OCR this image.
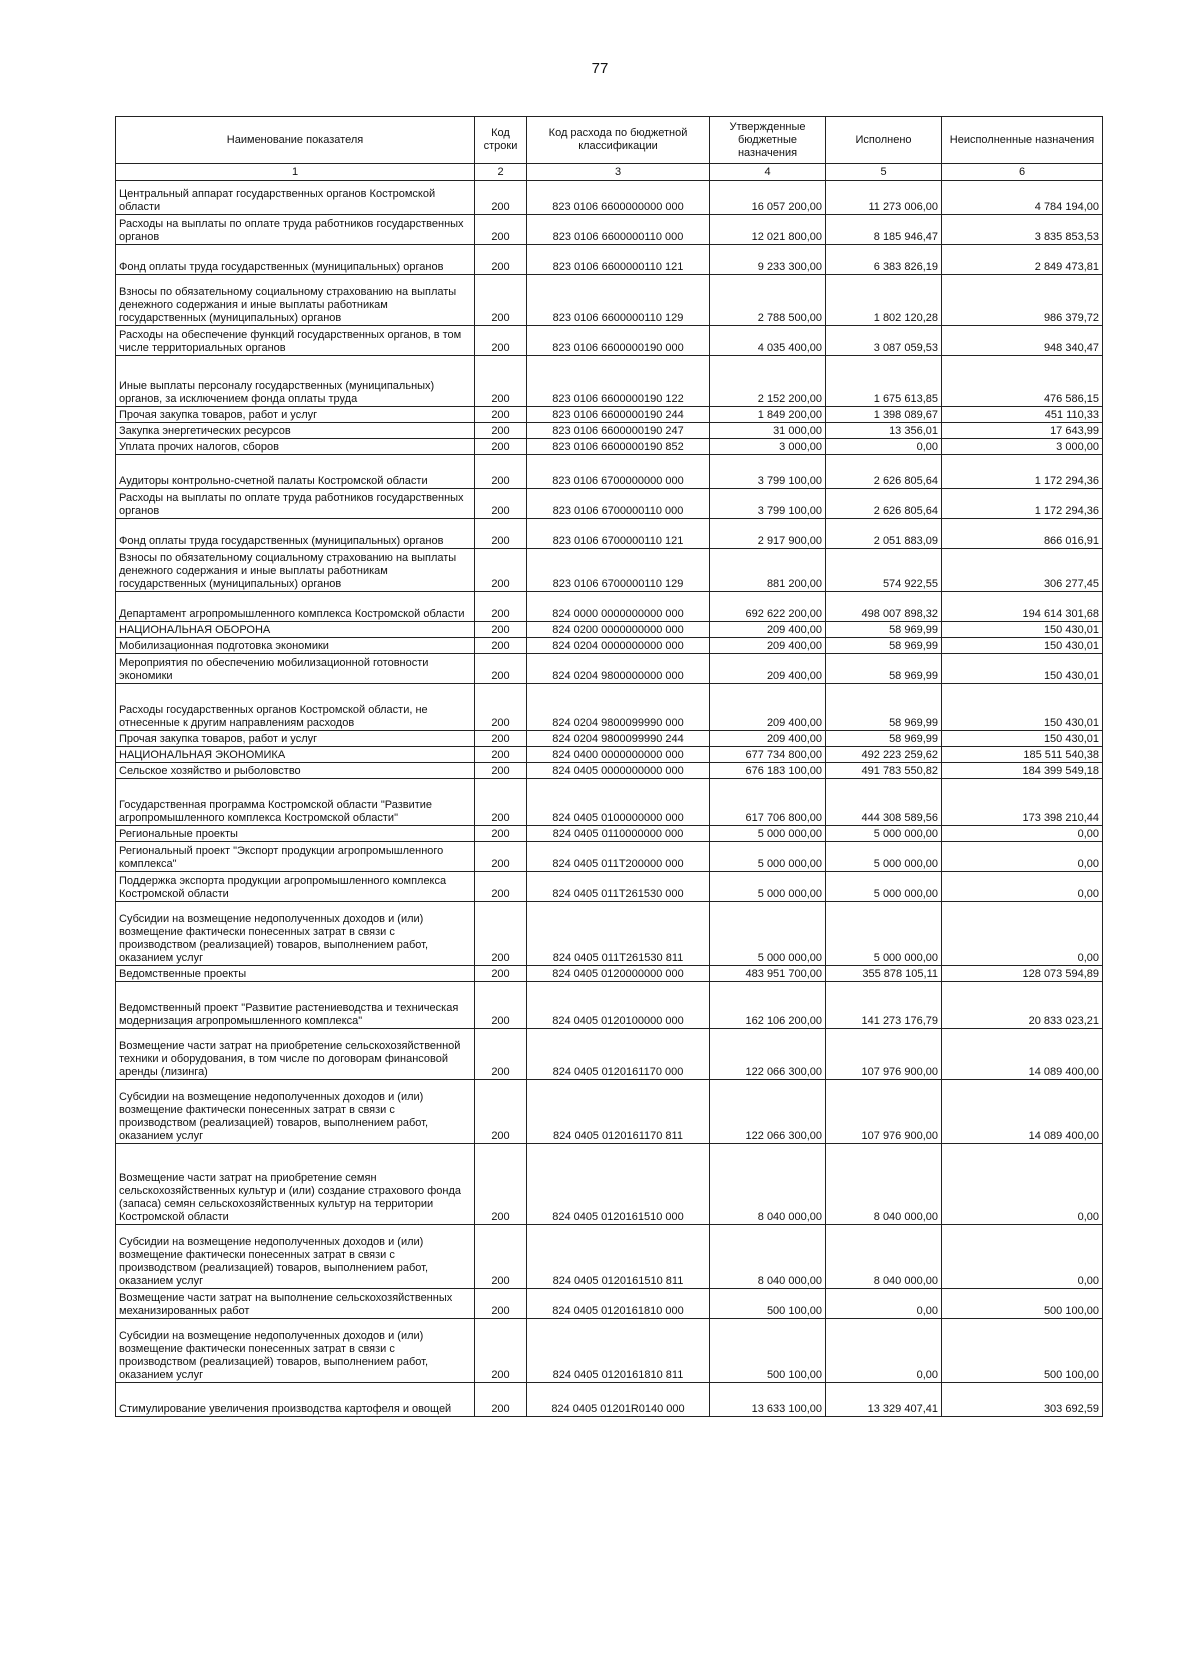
77
Наименование показателя	Код строки	Код расхода по бюджетной классификации	Утвержденные бюджетные назначения	Исполнено	Неисполненные назначения
1	2	3	4	5	6
Центральный аппарат государственных органов Костромской области	200	823 0106 6600000000 000	16 057 200,00	11 273 006,00	4 784 194,00
Расходы на выплаты по оплате труда работников государственных органов	200	823 0106 6600000110 000	12 021 800,00	8 185 946,47	3 835 853,53
Фонд оплаты труда государственных (муниципальных) органов	200	823 0106 6600000110 121	9 233 300,00	6 383 826,19	2 849 473,81
Взносы по обязательному социальному страхованию на выплаты денежного содержания и иные выплаты работникам государственных (муниципальных) органов	200	823 0106 6600000110 129	2 788 500,00	1 802 120,28	986 379,72
Расходы на обеспечение функций государственных органов, в том числе территориальных органов	200	823 0106 6600000190 000	4 035 400,00	3 087 059,53	948 340,47
Иные выплаты персоналу государственных (муниципальных) органов, за исключением фонда оплаты труда	200	823 0106 6600000190 122	2 152 200,00	1 675 613,85	476 586,15
Прочая закупка товаров, работ и услуг	200	823 0106 6600000190 244	1 849 200,00	1 398 089,67	451 110,33
Закупка энергетических ресурсов	200	823 0106 6600000190 247	31 000,00	13 356,01	17 643,99
Уплата прочих налогов, сборов	200	823 0106 6600000190 852	3 000,00	0,00	3 000,00
Аудиторы контрольно-счетной палаты Костромской области	200	823 0106 6700000000 000	3 799 100,00	2 626 805,64	1 172 294,36
Расходы на выплаты по оплате труда работников государственных органов	200	823 0106 6700000110 000	3 799 100,00	2 626 805,64	1 172 294,36
Фонд оплаты труда государственных (муниципальных) органов	200	823 0106 6700000110 121	2 917 900,00	2 051 883,09	866 016,91
Взносы по обязательному социальному страхованию на выплаты денежного содержания и иные выплаты работникам государственных (муниципальных) органов	200	823 0106 6700000110 129	881 200,00	574 922,55	306 277,45
Департамент агропромышленного комплекса Костромской области	200	824 0000 0000000000 000	692 622 200,00	498 007 898,32	194 614 301,68
НАЦИОНАЛЬНАЯ ОБОРОНА	200	824 0200 0000000000 000	209 400,00	58 969,99	150 430,01
Мобилизационная подготовка экономики	200	824 0204 0000000000 000	209 400,00	58 969,99	150 430,01
Мероприятия по обеспечению мобилизационной готовности экономики	200	824 0204 9800000000 000	209 400,00	58 969,99	150 430,01
Расходы государственных органов Костромской области, не отнесенные к другим направлениям расходов	200	824 0204 9800099990 000	209 400,00	58 969,99	150 430,01
Прочая закупка товаров, работ и услуг	200	824 0204 9800099990 244	209 400,00	58 969,99	150 430,01
НАЦИОНАЛЬНАЯ ЭКОНОМИКА	200	824 0400 0000000000 000	677 734 800,00	492 223 259,62	185 511 540,38
Сельское хозяйство и рыболовство	200	824 0405 0000000000 000	676 183 100,00	491 783 550,82	184 399 549,18
Государственная программа Костромской области "Развитие агропромышленного комплекса Костромской области"	200	824 0405 0100000000 000	617 706 800,00	444 308 589,56	173 398 210,44
Региональные проекты	200	824 0405 0110000000 000	5 000 000,00	5 000 000,00	0,00
Региональный проект "Экспорт продукции агропромышленного комплекса"	200	824 0405 011T200000 000	5 000 000,00	5 000 000,00	0,00
Поддержка экспорта продукции агропромышленного комплекса Костромской области	200	824 0405 011T261530 000	5 000 000,00	5 000 000,00	0,00
Субсидии на возмещение недополученных доходов и (или) возмещение фактически понесенных затрат в связи с производством (реализацией) товаров, выполнением работ, оказанием услуг	200	824 0405 011T261530 811	5 000 000,00	5 000 000,00	0,00
Ведомственные проекты	200	824 0405 0120000000 000	483 951 700,00	355 878 105,11	128 073 594,89
Ведомственный проект "Развитие растениеводства и техническая модернизация агропромышленного комплекса"	200	824 0405 0120100000 000	162 106 200,00	141 273 176,79	20 833 023,21
Возмещение части затрат на приобретение сельскохозяйственной техники и оборудования, в том числе по договорам финансовой аренды (лизинга)	200	824 0405 0120161170 000	122 066 300,00	107 976 900,00	14 089 400,00
Субсидии на возмещение недополученных доходов и (или) возмещение фактически понесенных затрат в связи с производством (реализацией) товаров, выполнением работ, оказанием услуг	200	824 0405 0120161170 811	122 066 300,00	107 976 900,00	14 089 400,00
Возмещение части затрат на приобретение семян сельскохозяйственных культур и (или) создание страхового фонда (запаса) семян сельскохозяйственных культур на территории Костромской области	200	824 0405 0120161510 000	8 040 000,00	8 040 000,00	0,00
Субсидии на возмещение недополученных доходов и (или) возмещение фактически понесенных затрат в связи с производством (реализацией) товаров, выполнением работ, оказанием услуг	200	824 0405 0120161510 811	8 040 000,00	8 040 000,00	0,00
Возмещение части затрат на выполнение сельскохозяйственных механизированных работ	200	824 0405 0120161810 000	500 100,00	0,00	500 100,00
Субсидии на возмещение недополученных доходов и (или) возмещение фактически понесенных затрат в связи с производством (реализацией) товаров, выполнением работ, оказанием услуг	200	824 0405 0120161810 811	500 100,00	0,00	500 100,00
Стимулирование увеличения производства картофеля и овощей	200	824 0405 01201R0140 000	13 633 100,00	13 329 407,41	303 692,59
